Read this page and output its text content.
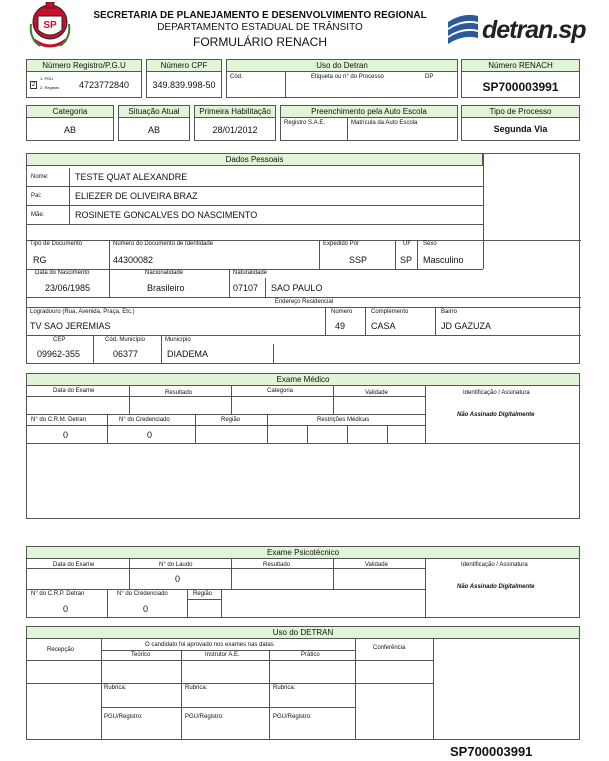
SP
SECRETARIA DE PLANEJAMENTO E DESENVOLVIMENTO REGIONAL
DEPARTAMENTO ESTADUAL DE TRÂNSITO
FORMULÁRIO RENACH	detran.sp
Número Registro/P.G.U
2
1. PGU
2. Registro 4723772840
Número CPF
349.839.998-50
Uso do Detran
Cód.	Etiqueta ou n° do Processo	DP
Número RENACH
SP700003991
Categoria
AB
Situação Atual
AB
Primeira Habilitação
28/01/2012
Preenchimento pela Auto Escola
Registro S.A.E.	Matrícula da Auto Escola
Tipo de Processo
Segunda Via
Dados Pessoais
Nome:	TESTE QUAT ALEXANDRE
Pai:	ELIEZER DE OLIVEIRA BRAZ
Mãe:	ROSINETE GONCALVES DO NASCIMENTO
Tipo de Documento
RG
Número do Documento de Identidade
44300082
Expedido Por
SSP
UF
SP
Sexo
Masculino
Data do Nascimento
23/06/1985
Nacionalidade
Brasileiro
Naturalidade
07107 SAO PAULO
Endereço Residencial
Logradouro (Rua, Avenida, Praça, Etc.)
TV SAO JEREMIAS
Número
49
Complemento
CASA
Bairro
JD GAZUZA
CEP
09962-355
Cód. Município
06377
Município
DIADEMA
Exame Médico
Data do Exame	Resultado	Categoria	Validade	Identificação / Assinatura
Não Assinado Digitalmente
N° do C.R.M. Detran
0
N° do Credenciado
0
Região	Restrições Médicas
Exame Psicotécnico
Data do Exame	N° do Laudo
0
Resultado	Validade	Identificação / Assinatura
Não Assinado Digitalmente
N° do C.R.P. Detran
0
N° do Credenciado
0
Região
Uso do DETRAN
Recepção
O candidato foi aprovado nos exames nas datas
Teórico	Instrutor A.E.	Prático
Conferência
Rubrica:	Rubrica:	Rubrica:
PGU/Registro:	PGU/Registro:	PGU/Registro:
SP700003991
